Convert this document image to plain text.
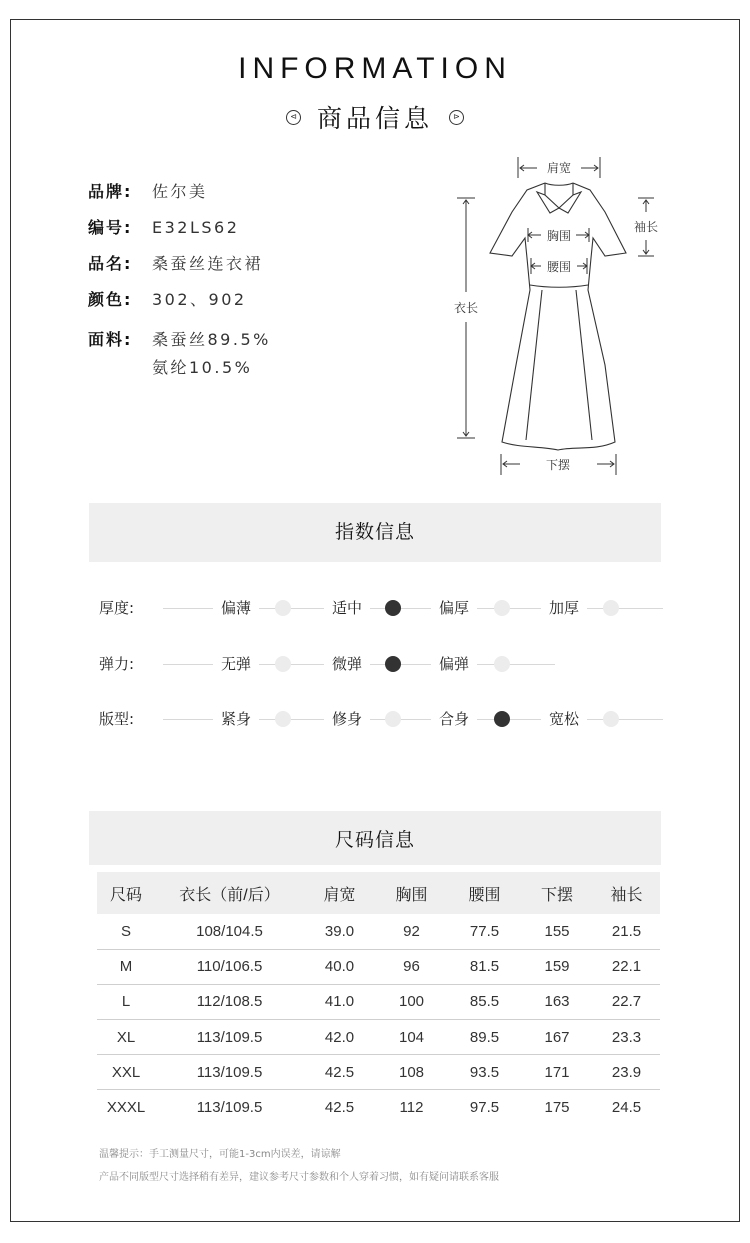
INFORMATION
⊲ 商品信息	⊳
品牌:	佐尔美
编号:	E32LS62
品名:	桑蚕丝连衣裙
颜色:	302、902
面料:	桑蚕丝89.5%
氨纶10.5%
肩宽
袖长
胸围
腰围
衣长
下摆
指数信息
厚度:	偏薄	适中	偏厚	加厚
弹力:	无弹	微弹	偏弹
版型:	紧身	修身	合身	宽松
尺码信息
尺码	衣长（前/后）	肩宽	胸围	腰围	下摆	袖长
S	108/104.5	39.0	92	77.5	155	21.5
M	110/106.5	40.0	96	81.5	159	22.1
L	112/108.5	41.0	100	85.5	163	22.7
XL	113/109.5	42.0	104	89.5	167	23.3
XXL	113/109.5	42.5	108	93.5	171	23.9
XXXL	113/109.5	42.5	112	97.5	175	24.5
温馨提示：手工测量尺寸，可能1-3cm内误差，请谅解
产品不同版型尺寸选择稍有差异，建议参考尺寸参数和个人穿着习惯，如有疑问请联系客服
